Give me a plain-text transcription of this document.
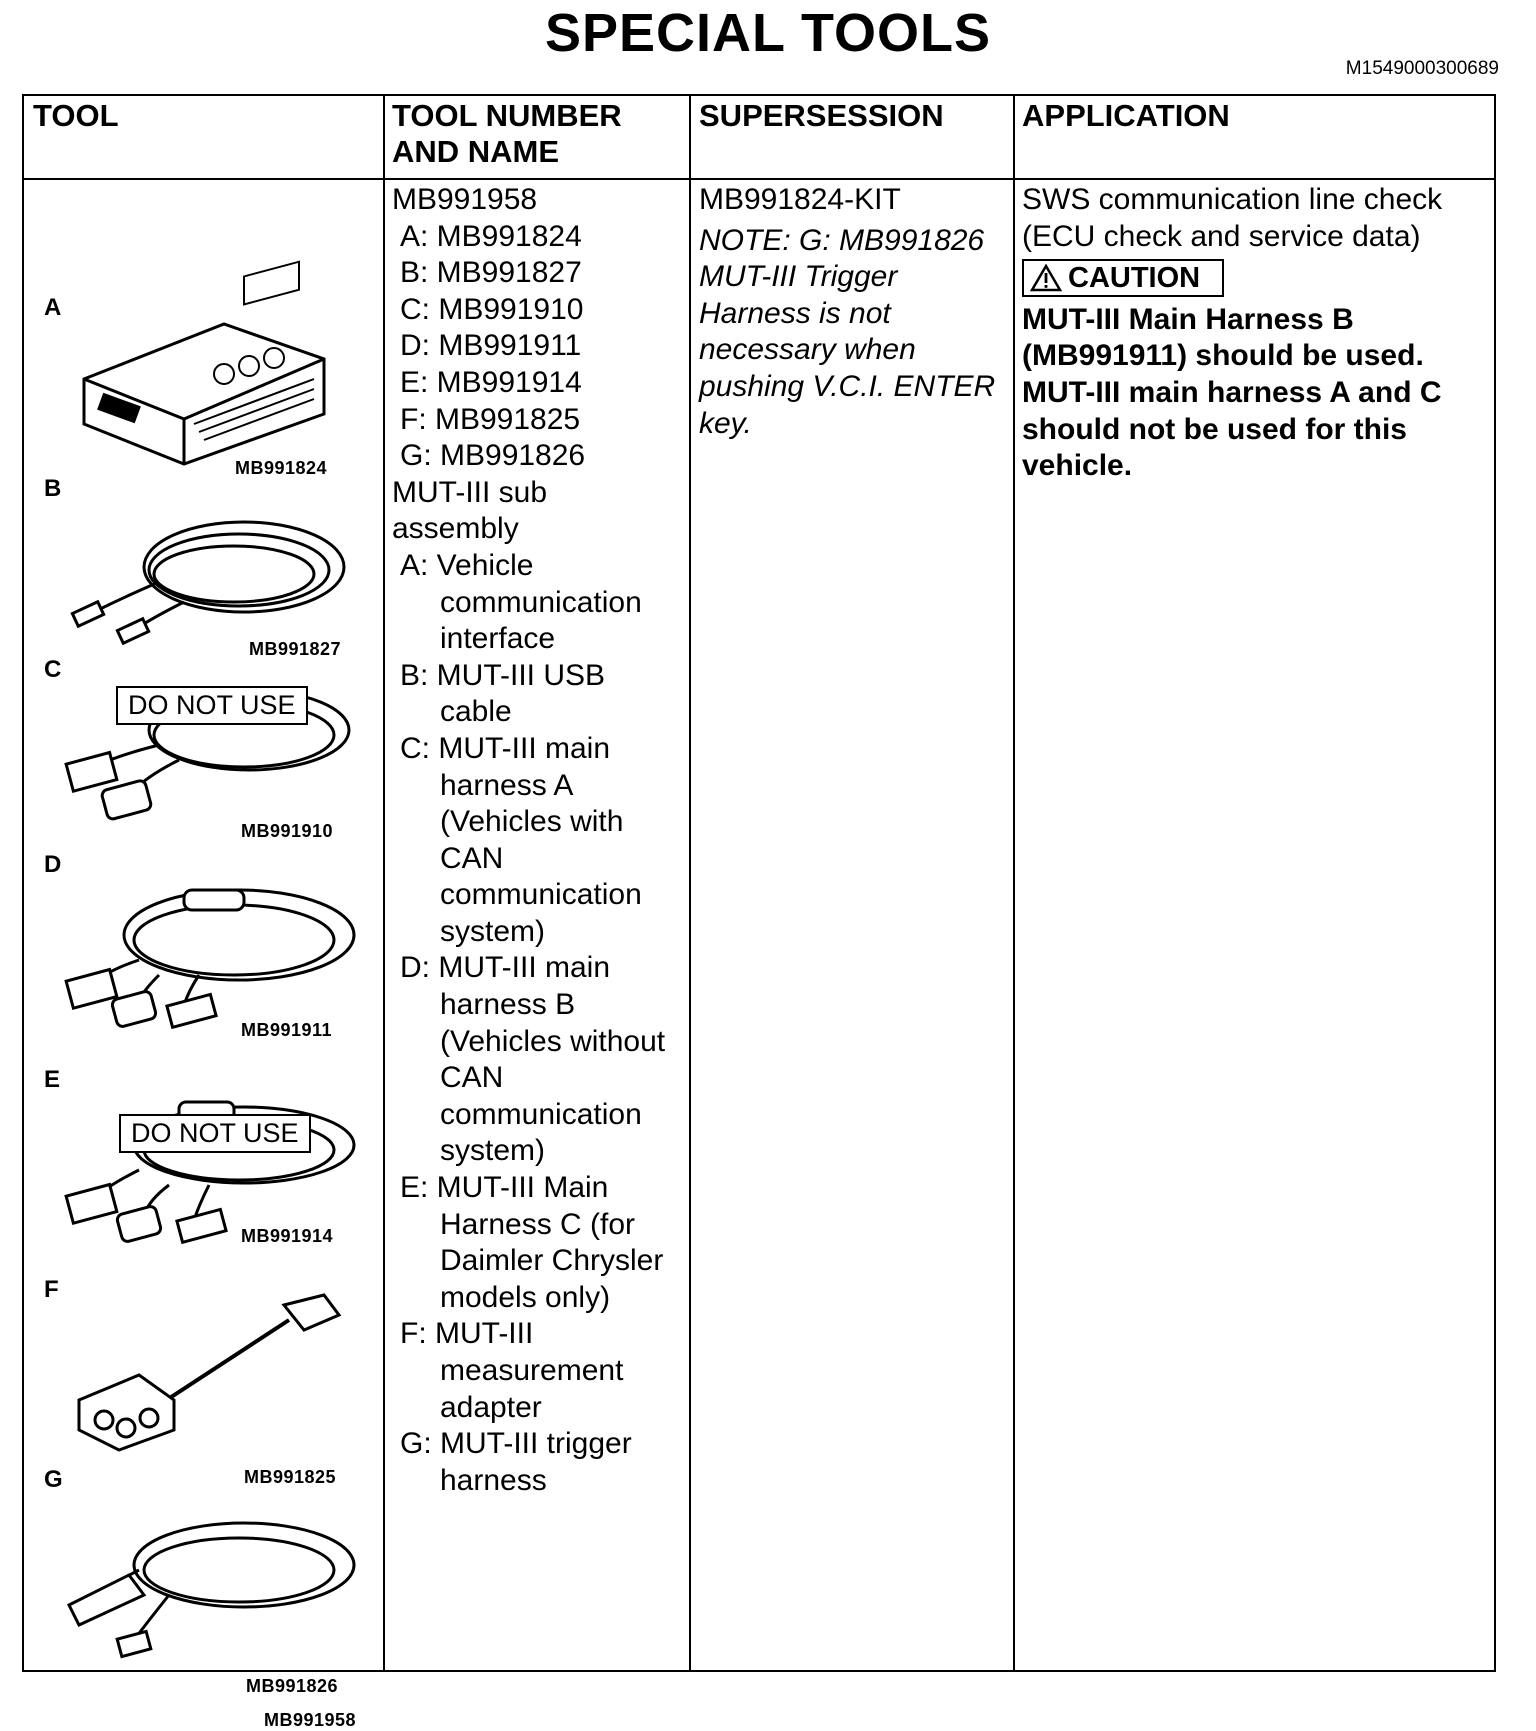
SPECIAL TOOLS
M1549000300689
TOOL	TOOL NUMBER
AND NAME
SUPERSESSION	APPLICATION
A
MB991824
B
MB991827
C
DO NOT USE
MB991910
D
MB991911
E
DO NOT USE
MB991914
F
MB991825
G
MB991826
MB991958
MB991958
A: MB991824
B: MB991827
C: MB991910
D: MB991911
E: MB991914
F: MB991825
G: MB991826
MUT-III sub
assembly
A: Vehicle
communication
interface
B: MUT-III USB
cable
C: MUT-III main
harness A
(Vehicles with
CAN
communication
system)
D: MUT-III main
harness B
(Vehicles without
CAN
communication
system)
E: MUT-III Main
Harness C (for
Daimler Chrysler
models only)
F: MUT-III
measurement
adapter
G: MUT-III trigger
harness
MB991824-KIT
NOTE: G: MB991826
MUT-III Trigger
Harness is not
necessary when
pushing V.C.I. ENTER
key.
SWS communication line check
(ECU check and service data)
CAUTION
MUT-III Main Harness B
(MB991911) should be used.
MUT-III main harness A and C
should not be used for this
vehicle.
